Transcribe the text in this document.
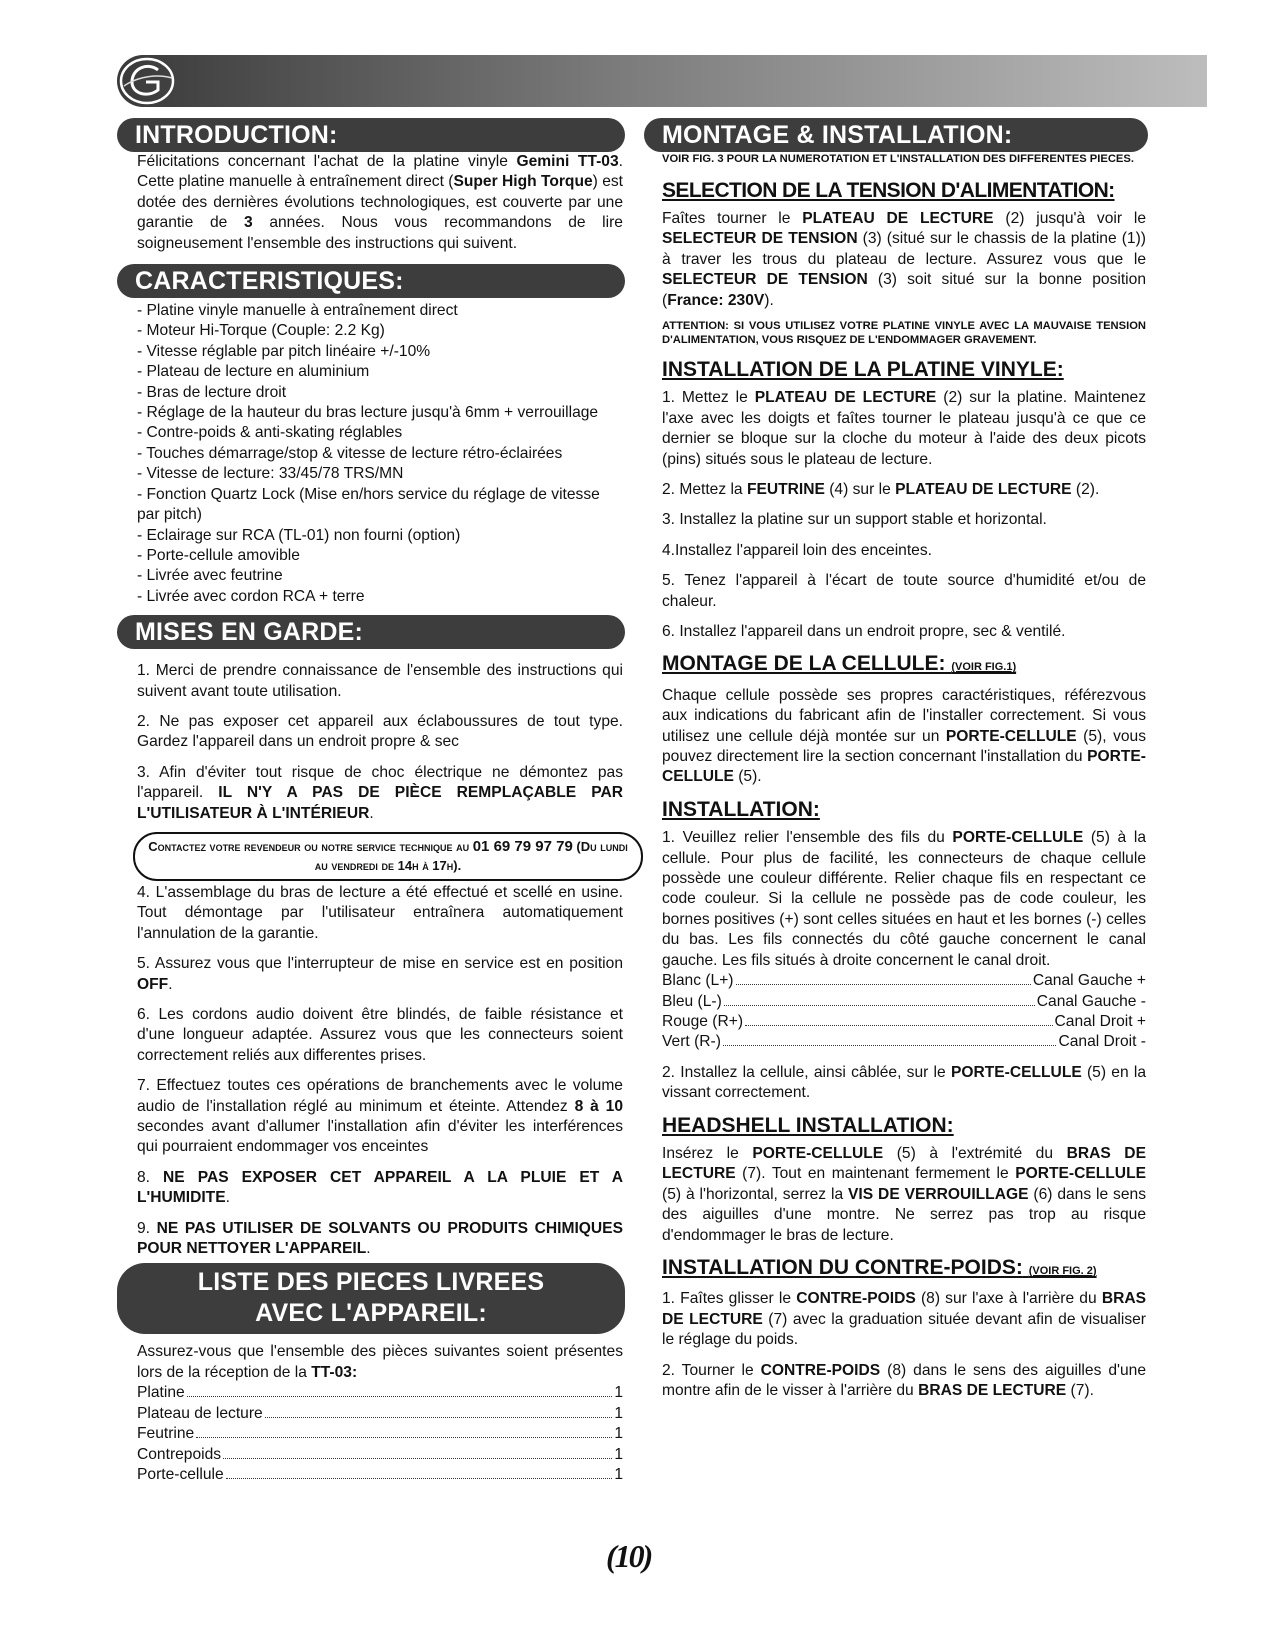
INTRODUCTION:

Félicitations concernant l'achat de la platine vinyle Gemini TT-03. Cette platine manuelle à entraînement direct (Super High Torque) est dotée des dernières évolutions technologiques, est couverte par une garantie de 3 années. Nous vous recommandons de lire soigneusement l'ensemble des instructions qui suivent.

CARACTERISTIQUES:
- Platine vinyle manuelle à entraînement direct
- Moteur Hi-Torque (Couple: 2.2 Kg)
- Vitesse réglable par pitch linéaire +/-10%
- Plateau de lecture en aluminium
- Bras de lecture droit
- Réglage de la hauteur du bras lecture jusqu'à 6mm + verrouillage
- Contre-poids & anti-skating réglables
- Touches démarrage/stop & vitesse de lecture rétro-éclairées
- Vitesse de lecture: 33/45/78 TRS/MN
- Fonction Quartz Lock (Mise en/hors service du réglage de vitesse par pitch)
- Eclairage sur RCA (TL-01) non fourni (option)
- Porte-cellule amovible
- Livrée avec feutrine
- Livrée avec cordon RCA + terre
MISES EN GARDE:

1. Merci de prendre connaissance de l'ensemble des instructions qui suivent avant toute utilisation.

2. Ne pas exposer cet appareil aux éclaboussures de tout type. Gardez l'appareil dans un endroit propre & sec

3. Afin d'éviter tout risque de choc électrique ne démontez pas l'appareil. IL N'Y A PAS DE PIÈCE REMPLAÇABLE PAR L'UTILISATEUR À L'INTÉRIEUR.

Contactez votre revendeur ou notre service technique au 01 69 79 97 79 (Du lundi au vendredi de 14h à 17h).

4. L'assemblage du bras de lecture a été effectué et scellé en usine. Tout démontage par l'utilisateur entraînera automatiquement l'annulation de la garantie.

5. Assurez vous que l'interrupteur de mise en service est en position OFF.

6. Les cordons audio doivent être blindés, de faible résistance et d'une longueur adaptée. Assurez vous que les connecteurs soient correctement reliés aux differentes prises.

7. Effectuez toutes ces opérations de branchements avec le volume audio de l'installation réglé au minimum et éteinte. Attendez 8 à 10 secondes avant d'allumer l'installation afin d'éviter les interférences qui pourraient endommager vos enceintes

8. NE PAS EXPOSER CET APPAREIL A LA PLUIE ET A L'HUMIDITE.

9. NE PAS UTILISER DE SOLVANTS OU PRODUITS CHIMIQUES POUR NETTOYER L'APPAREIL.

LISTE DES PIECES LIVREES
AVEC L'APPAREIL:

Assurez-vous que l'ensemble des pièces suivantes soient présentes lors de la réception de la TT-03:

Platine	1
Plateau de lecture	1
Feutrine	1
Contrepoids	1
Porte-cellule	1
MONTAGE & INSTALLATION:

VOIR FIG. 3 POUR LA NUMEROTATION ET L'INSTALLATION DES DIFFERENTES PIECES.

SELECTION DE LA TENSION D'ALIMENTATION:

Faîtes tourner le PLATEAU DE LECTURE (2) jusqu'à voir le SELECTEUR DE TENSION (3) (situé sur le chassis de la platine (1)) à traver les trous du plateau de lecture. Assurez vous que le SELECTEUR DE TENSION (3) soit situé sur la bonne position (France: 230V).

ATTENTION: SI VOUS UTILISEZ VOTRE PLATINE VINYLE AVEC LA MAUVAISE TENSION D'ALIMENTATION, VOUS RISQUEZ DE L'ENDOMMAGER GRAVEMENT.

INSTALLATION DE LA PLATINE VINYLE:

1. Mettez le PLATEAU DE LECTURE (2) sur la platine. Maintenez l'axe avec les doigts et faîtes tourner le plateau jusqu'à ce que ce dernier se bloque sur la cloche du moteur à l'aide des deux picots (pins) situés sous le plateau de lecture.

2. Mettez la FEUTRINE (4) sur le PLATEAU DE LECTURE (2).

3. Installez la platine sur un support stable et horizontal.

4.Installez l'appareil loin des enceintes.

5. Tenez l'appareil à l'écart de toute source d'humidité et/ou de chaleur.

6. Installez l'appareil dans un endroit propre, sec & ventilé.

MONTAGE DE LA CELLULE: (VOIR FIG.1)

Chaque cellule possède ses propres caractéristiques, référezvous aux indications du fabricant afin de l'installer correctement. Si vous utilisez une cellule déjà montée sur un PORTE-CELLULE (5), vous pouvez directement lire la section concernant l'installation du PORTE-CELLULE (5).

INSTALLATION:

1. Veuillez relier l'ensemble des fils du PORTE-CELLULE (5) à la cellule. Pour plus de facilité, les connecteurs de chaque cellule possède une couleur différente. Relier chaque fils en respectant ce code couleur. Si la cellule ne possède pas de code couleur, les bornes positives (+) sont celles situées en haut et les bornes (-) celles du bas. Les fils connectés du côté gauche concernent le canal gauche. Les fils situés à droite concernent le canal droit.

Blanc (L+)	Canal Gauche +
Bleu (L-)	Canal Gauche -
Rouge (R+)	Canal Droit +
Vert (R-)	Canal Droit -

2. Installez la cellule, ainsi câblée, sur le PORTE-CELLULE (5) en la vissant correctement.

HEADSHELL INSTALLATION:

Insérez le PORTE-CELLULE (5) à l'extrémité du BRAS DE LECTURE (7). Tout en maintenant fermement le PORTE-CELLULE (5) à l'horizontal, serrez la VIS DE VERROUILLAGE (6) dans le sens des aiguilles d'une montre. Ne serrez pas trop au risque d'endommager le bras de lecture.

INSTALLATION DU CONTRE-POIDS: (VOIR FIG. 2)

1. Faîtes glisser le CONTRE-POIDS (8) sur l'axe à l'arrière du BRAS DE LECTURE (7) avec la graduation située devant afin de visualiser le réglage du poids.

2. Tourner le CONTRE-POIDS (8) dans le sens des aiguilles d'une montre afin de le visser à l'arrière du BRAS DE LECTURE (7).

(10)
